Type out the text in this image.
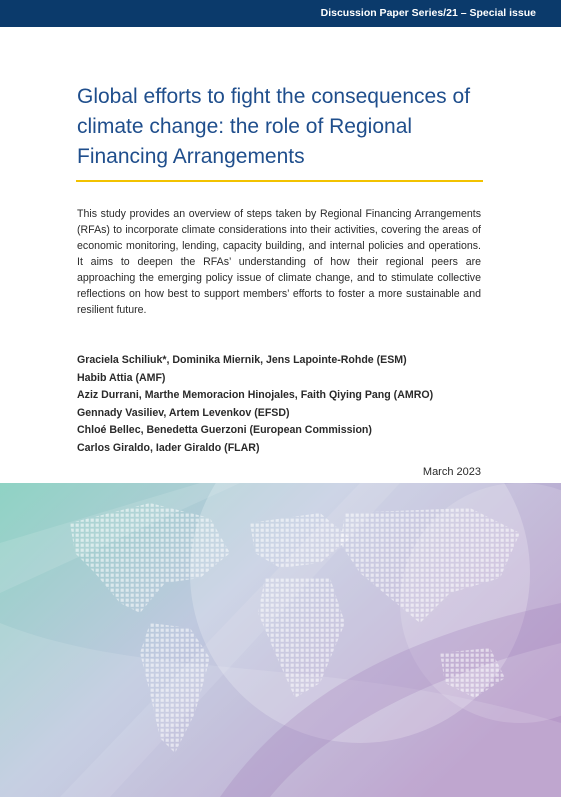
Discussion Paper Series/21 – Special issue
Global efforts to fight the consequences of climate change: the role of Regional Financing Arrangements

This study provides an overview of steps taken by Regional Financing Arrangements (RFAs) to incorporate climate considerations into their activities, covering the areas of economic monitoring, lending, capacity building, and internal policies and operations. It aims to deepen the RFAs’ understanding of how their regional peers are approaching the emerging policy issue of climate change, and to stimulate collective reflections on how best to support members’ efforts to foster a more sustainable and resilient future.

Graciela Schiliuk*, Dominika Miernik, Jens Lapointe-Rohde (ESM)
Habib Attia (AMF)
Aziz Durrani, Marthe Memoracion Hinojales, Faith Qiying Pang (AMRO)
Gennady Vasiliev, Artem Levenkov (EFSD)
Chloé Bellec, Benedetta Guerzoni (European Commission)
Carlos Giraldo, Iader Giraldo (FLAR)
March 2023
